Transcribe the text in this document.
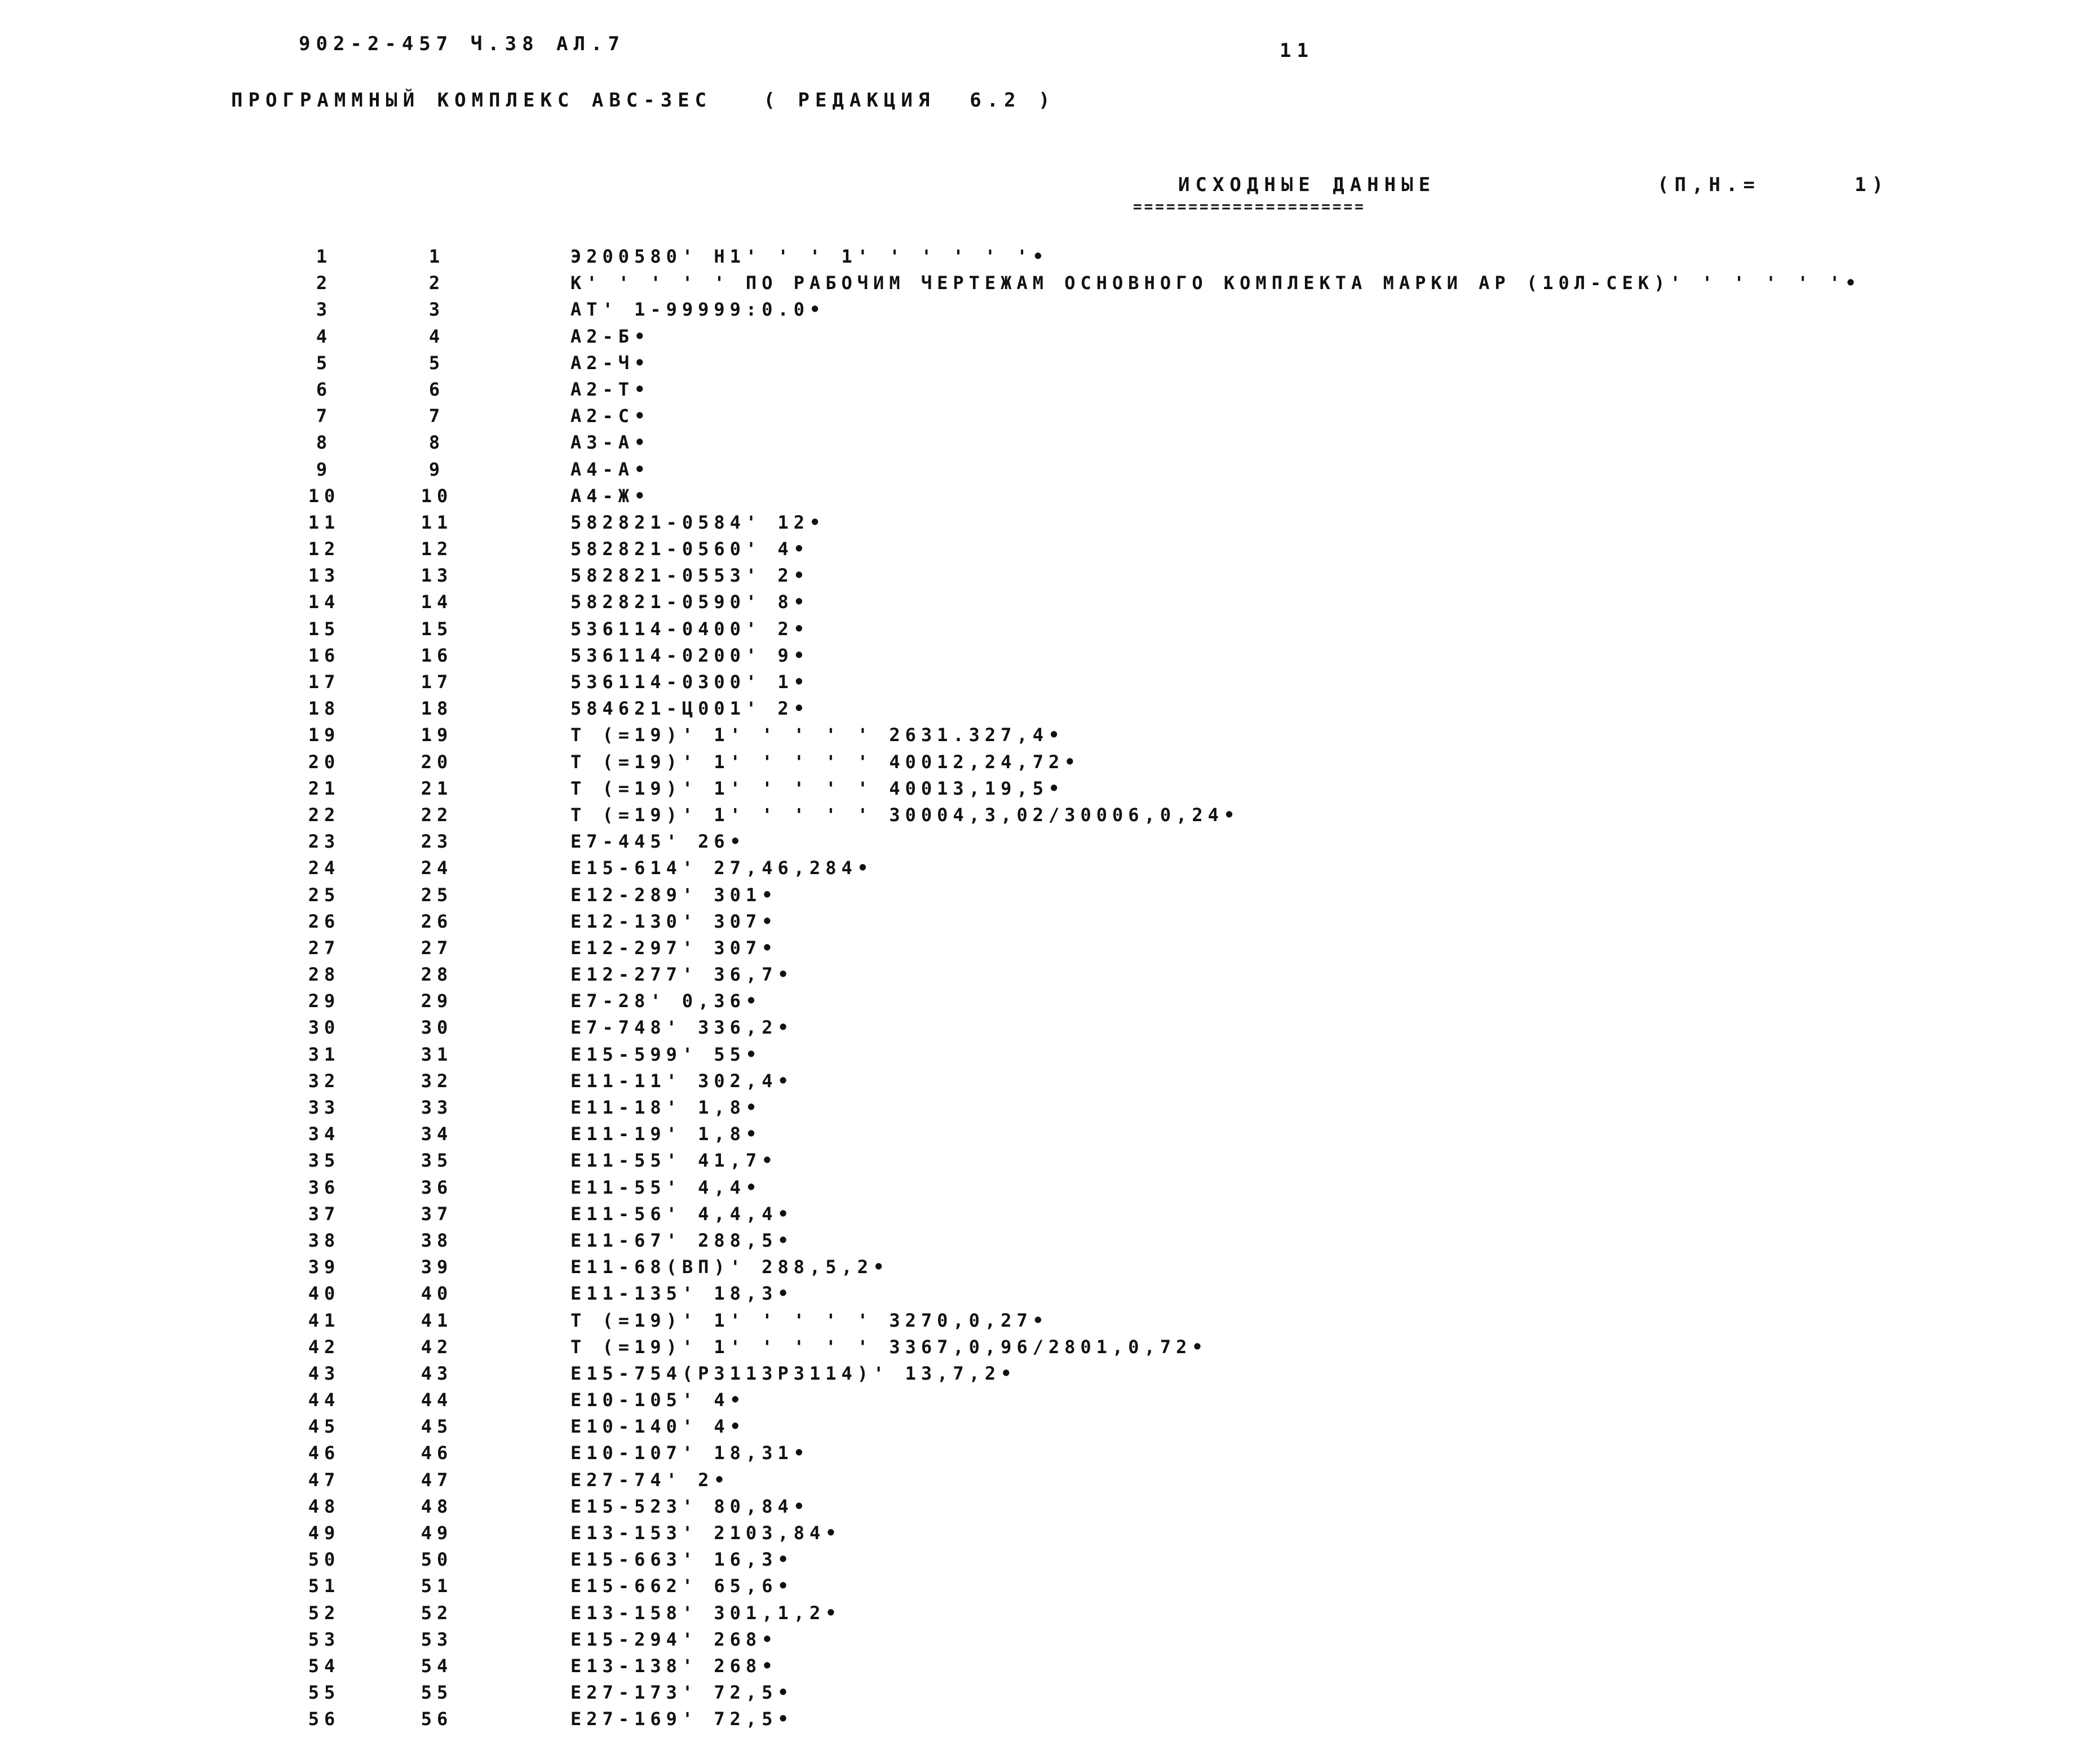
902-2-457 Ч.38 АЛ.7	11
ПРОГРАММНЫЙ КОМПЛЕКС АВС-ЗЕС   ( РЕДАКЦИЯ  6.2 )
ИСХОДНЫЕ ДАННЫЕ
=====================
(П,Н.=	1)
1	1	Э200580' Н1' ' ' 1' ' ' ' ' '•
2	2	К' ' ' ' ' ПО РАБОЧИМ ЧЕРТЕЖАМ ОСНОВНОГО КОМПЛЕКТА МАРКИ АР (10Л-СЕК)' ' ' ' ' '•
3	3	АТ' 1-99999:0.0•
4	4	А2-Б•
5	5	А2-Ч•
6	6	А2-Т•
7	7	А2-С•
8	8	А3-А•
9	9	А4-А•
10	10	А4-Ж•
11	11	582821-0584' 12•
12	12	582821-0560' 4•
13	13	582821-0553' 2•
14	14	582821-0590' 8•
15	15	536114-0400' 2•
16	16	536114-0200' 9•
17	17	536114-0300' 1•
18	18	584621-Ц001' 2•
19	19	Т (=19)' 1' ' ' ' ' 2631.327,4•
20	20	Т (=19)' 1' ' ' ' ' 40012,24,72•
21	21	Т (=19)' 1' ' ' ' ' 40013,19,5•
22	22	Т (=19)' 1' ' ' ' ' 30004,3,02/30006,0,24•
23	23	Е7-445' 26•
24	24	Е15-614' 27,46,284•
25	25	Е12-289' 301•
26	26	Е12-130' 307•
27	27	Е12-297' 307•
28	28	Е12-277' 36,7•
29	29	Е7-28' 0,36•
30	30	Е7-748' 336,2•
31	31	Е15-599' 55•
32	32	Е11-11' 302,4•
33	33	Е11-18' 1,8•
34	34	Е11-19' 1,8•
35	35	Е11-55' 41,7•
36	36	Е11-55' 4,4•
37	37	Е11-56' 4,4,4•
38	38	Е11-67' 288,5•
39	39	Е11-68(ВП)' 288,5,2•
40	40	Е11-135' 18,3•
41	41	Т (=19)' 1' ' ' ' ' 3270,0,27•
42	42	Т (=19)' 1' ' ' ' ' 3367,0,96/2801,0,72•
43	43	Е15-754(Р3113Р3114)' 13,7,2•
44	44	Е10-105' 4•
45	45	Е10-140' 4•
46	46	Е10-107' 18,31•
47	47	Е27-74' 2•
48	48	Е15-523' 80,84•
49	49	Е13-153' 2103,84•
50	50	Е15-663' 16,3•
51	51	Е15-662' 65,6•
52	52	Е13-158' 301,1,2•
53	53	Е15-294' 268•
54	54	Е13-138' 268•
55	55	Е27-173' 72,5•
56	56	Е27-169' 72,5•
